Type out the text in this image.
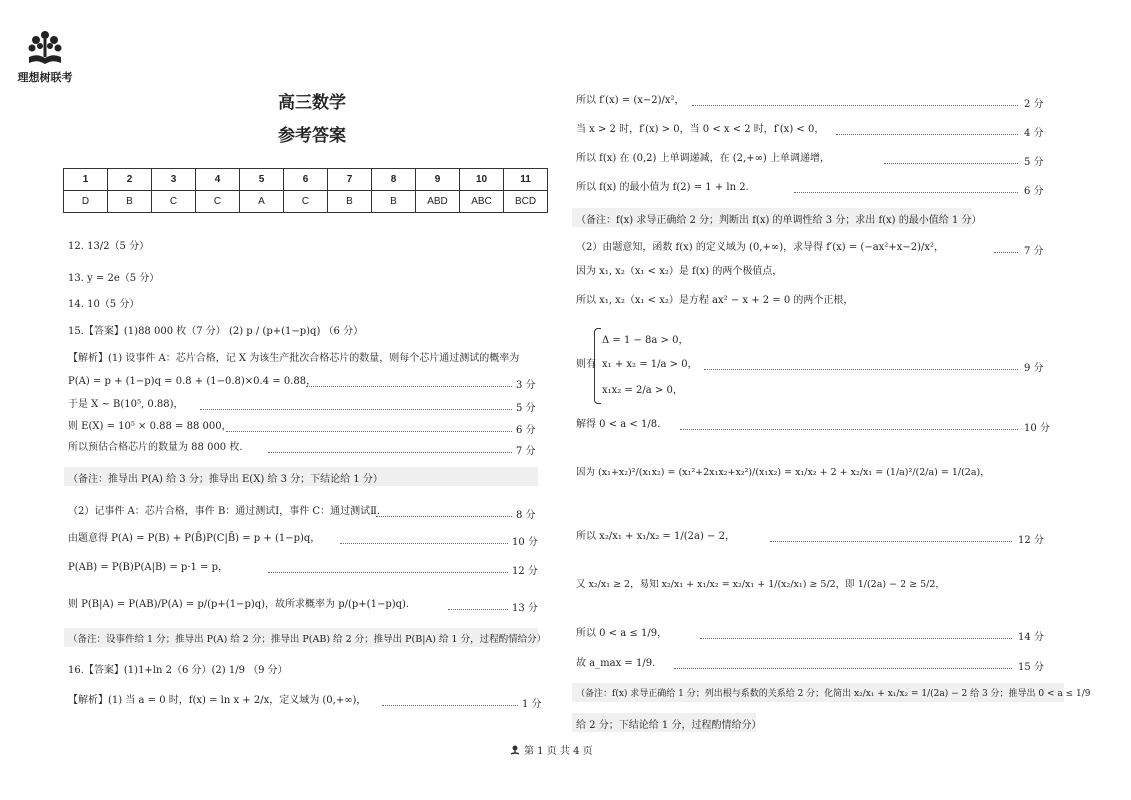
理想树联考
高三数学
参考答案
1	2	3	4	5	6	7	8	9	10	11
D	B	C	C	A	C	B	B	ABD	ABC	BCD
12. 13/2（5 分）
13. y = 2e（5 分）
14. 10（5 分）
15.【答案】(1)88 000 枚（7 分） (2) p / (p+(1−p)q) （6 分）
【解析】(1) 设事件 A：芯片合格，记 X 为该生产批次合格芯片的数量，则每个芯片通过测试的概率为
P(A) = p + (1−p)q = 0.8 + (1−0.8)×0.4 = 0.88，	3 分
于是 X ~ B(10⁵, 0.88)，	5 分
则 E(X) = 10⁵ × 0.88 = 88 000，	6 分
所以预估合格芯片的数量为 88 000 枚.	7 分
（备注：推导出 P(A) 给 3 分；推导出 E(X) 给 3 分；下结论给 1 分）
（2）记事件 A：芯片合格，事件 B：通过测试Ⅰ，事件 C：通过测试Ⅱ.	8 分
由题意得 P(A) = P(B) + P(B̄)P(C|B̄) = p + (1−p)q，	10 分
P(AB) = P(B)P(A|B) = p·1 = p，	12 分
则 P(B|A) = P(AB)/P(A) = p/(p+(1−p)q)，故所求概率为 p/(p+(1−p)q).	13 分
（备注：设事件给 1 分；推导出 P(A) 给 2 分；推导出 P(AB) 给 2 分；推导出 P(B|A) 给 1 分，过程酌情给分）
16.【答案】(1)1+ln 2（6 分）(2) 1/9 （9 分）
【解析】(1) 当 a = 0 时，f(x) = ln x + 2/x，定义域为 (0,+∞)，	1 分
所以 f′(x) = (x−2)/x²，	2 分
当 x > 2 时，f′(x) > 0，当 0 < x < 2 时，f′(x) < 0，	4 分
所以 f(x) 在 (0,2) 上单调递减，在 (2,+∞) 上单调递增，	5 分
所以 f(x) 的最小值为 f(2) = 1 + ln 2.	6 分
（备注：f(x) 求导正确给 2 分；判断出 f(x) 的单调性给 3 分；求出 f(x) 的最小值给 1 分）
（2）由题意知，函数 f(x) 的定义域为 (0,+∞)，求导得 f′(x) = (−ax²+x−2)/x²，	7 分
因为 x₁, x₂（x₁ < x₂）是 f(x) 的两个极值点，
所以 x₁, x₂（x₁ < x₂）是方程 ax² − x + 2 = 0 的两个正根，
则有
Δ = 1 − 8a > 0，
x₁ + x₂ = 1/a > 0，
x₁x₂ = 2/a > 0，
9 分
解得 0 < a < 1/8.	10 分
因为 (x₁+x₂)²/(x₁x₂) = (x₁²+2x₁x₂+x₂²)/(x₁x₂) = x₁/x₂ + 2 + x₂/x₁ = (1/a)²/(2/a) = 1/(2a)，
所以 x₂/x₁ + x₁/x₂ = 1/(2a) − 2，	12 分
又 x₂/x₁ ≥ 2，易知 x₂/x₁ + x₁/x₂ = x₂/x₁ + 1/(x₂/x₁) ≥ 5/2，即 1/(2a) − 2 ≥ 5/2，
所以 0 < a ≤ 1/9，	14 分
故 a_max = 1/9.	15 分
（备注：f(x) 求导正确给 1 分；列出根与系数的关系给 2 分；化简出 x₂/x₁ + x₁/x₂ = 1/(2a) − 2 给 3 分；推导出 0 < a ≤ 1/9
给 2 分；下结论给 1 分，过程酌情给分）
第 1 页 共 4 页
